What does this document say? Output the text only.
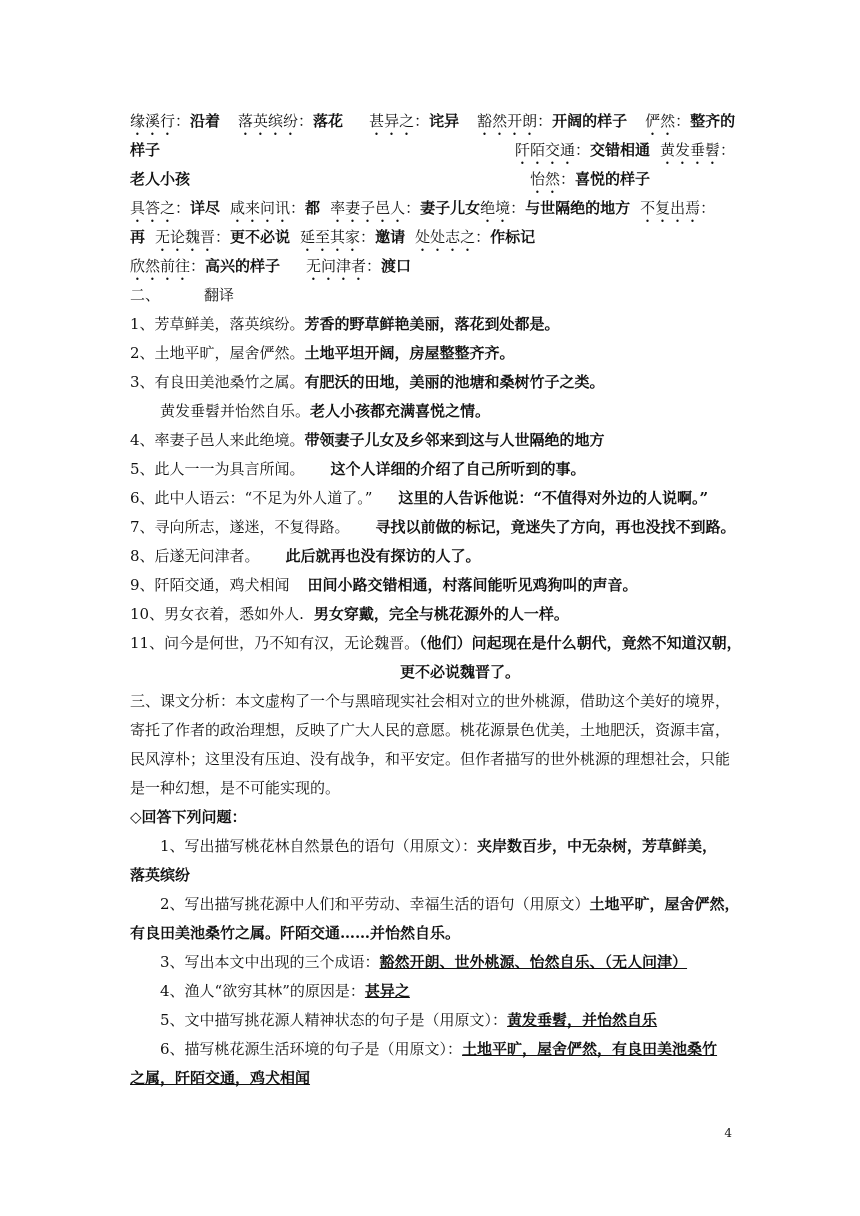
缘溪行：沿着 落英缤纷：落花 甚异之：诧异 豁然开朗：开阔的样子 俨然：整齐的
样子	阡陌交通：交错相通 黄发垂髫：
老人小孩	怡然：喜悦的样子
具答之：详尽 咸来问讯：都 率妻子邑人：妻子儿女绝境：与世隔绝的地方 不复出焉：
再 无论魏晋：更不必说 延至其家：邀请 处处志之：作标记
欣然前往：高兴的样子 无问津者：渡口
二、	翻译
1、芳草鲜美，落英缤纷。芳香的野草鲜艳美丽，落花到处都是。
2、土地平旷，屋舍俨然。土地平坦开阔，房屋整整齐齐。
3、有良田美池桑竹之属。有肥沃的田地，美丽的池塘和桑树竹子之类。
黄发垂髫并怡然自乐。老人小孩都充满喜悦之情。
4、率妻子邑人来此绝境。带领妻子儿女及乡邻来到这与人世隔绝的地方
5、此人一一为具言所闻。 这个人详细的介绍了自己所听到的事。
6、此中人语云：“不足为外人道了。” 这里的人告诉他说：“不值得对外边的人说啊。”
7、寻向所志，遂迷，不复得路。 寻找以前做的标记，竟迷失了方向，再也没找不到路。
8、后遂无问津者。 此后就再也没有探访的人了。
9、阡陌交通，鸡犬相闻 田间小路交错相通，村落间能听见鸡狗叫的声音。
10、男女衣着，悉如外人. 男女穿戴，完全与桃花源外的人一样。
11、问今是何世，乃不知有汉，无论魏晋。（他们）问起现在是什么朝代，竟然不知道汉朝，
更不必说魏晋了。
三、课文分析：本文虚构了一个与黑暗现实社会相对立的世外桃源，借助这个美好的境界，
寄托了作者的政治理想，反映了广大人民的意愿。桃花源景色优美，土地肥沃，资源丰富，
民风淳朴；这里没有压迫、没有战争，和平安定。但作者描写的世外桃源的理想社会，只能
是一种幻想，是不可能实现的。
◇回答下列问题：
1、写出描写桃花林自然景色的语句（用原文）：夹岸数百步，中无杂树，芳草鲜美，
落英缤纷
2、写出描写挑花源中人们和平劳动、幸福生活的语句（用原文）土地平旷，屋舍俨然，
有良田美池桑竹之属。阡陌交通……并怡然自乐。
3、写出本文中出现的三个成语：豁然开朗、世外桃源、怡然自乐、（无人问津）
4、渔人“欲穷其林”的原因是：甚异之
5、文中描写挑花源人精神状态的句子是（用原文）：黄发垂髫，并怡然自乐
6、描写桃花源生活环境的句子是（用原文）：土地平旷，屋舍俨然，有良田美池桑竹
之属，阡陌交通，鸡犬相闻
4
